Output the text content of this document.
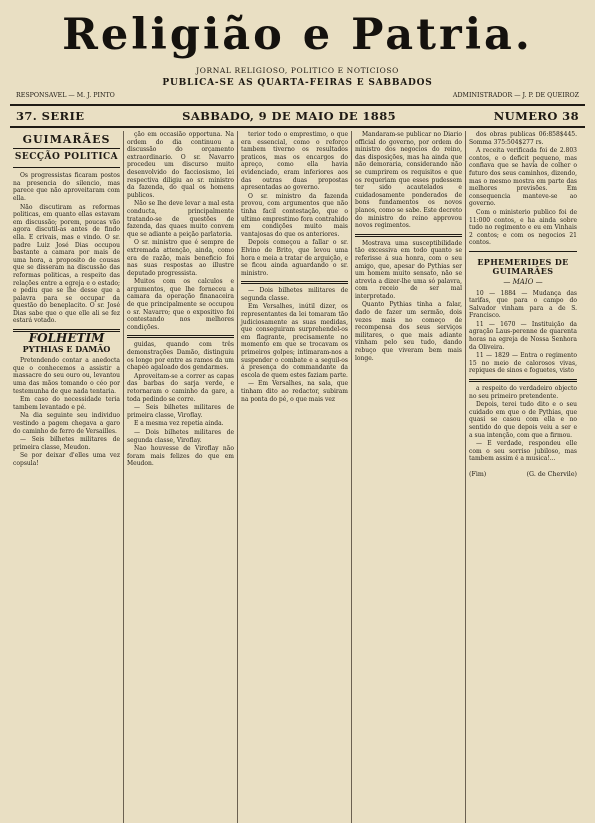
Religião e Patria.
JORNAL RELIGIOSO, POLITICO E NOTICIOSO
PUBLICA-SE AS QUARTA-FEIRAS E SABBADOS
RESPONSAVEL — M. J. PINTO	ADMINISTRADOR — J. P. DE QUEIROZ
37. SERIE	SABBADO, 9 DE MAIO DE 1885	NUMERO 38
GUIMARÃES
SECÇÃO POLITICA

Os progressistas ficaram postos na presencia do silencio, mas parece que não aproveitaram com ella.

Não discutiram as reformas politicas, em quanto ellas estavam em discussão; porem, poucas vão agora discutil-as antes de findo ella. E crivais, mas e vindo. O sr. padre Luiz José Dias occupou bastante a camara por mais de uma hora, a proposito de cousas que se disseram na discussão das reformas politicas, a respeito das relações entre a egreja e o estado; e pediu que se lhe desse que a palavra para se occupar da questão do beneplacito. O sr. José Dias sabe que o que elle ali se fez estará votado.

FOLHETIM
PYTHIAS E DAMÃO

Pretendendo contar a anedocta que o conhecemos a assistir a massacre do seu ouro ou, levantou uma das mãos tomando o céo por testemunha de que nada tentaria.

Em caso do necessidade teria tambem levantado e pé.

Na dia seguinte seu individuo vestindo a pagem chegava a garo do caminho de ferro de Versailles.

— Seis bilhetes militares de primeira classe, Meudon.

Se por deixar d'elles uma vez copsula!

ção em occasião opportuna. Na ordem do dia continuou a discussão do orçamento extraordinario. O sr. Navarro procedeu um discurso muito desenvolvido do facciosismo, lei respectiva diligiu ao sr. ministro da fazenda, do qual os homens publicos.

Não se lhe deve levar a mal esta conducta, principalmente tratando-se de questões de fazenda, das quaes muito convem que se adiante a peição parlatoria.

O sr. ministro que é sempre de extremada attenção, ainda, como era de razão, mais beneficio foi nas suas respostas ao illustre deputado progressista.

Muitos com os calculos e argumentos, que lhe forneceu a camara da operação finanaceira de que principalmente se occupou o sr. Navarro; que o expositivo foi contestando nos melhores condições.

guidas, quando com três demonstrações Damão, distinguiu os longe por entre as ramos da um chapéo agaloado dos gendarmes.

Aproveitam-se a correr as capas das barbas do sarja verde, e retornaram o caminho da gare, a toda pedindo se corre.

— Seis bilhetes militares de primeira classe, Viroflay.

E a mesma vez repetia ainda.

— Dois bilhetes militares de segunda classe, Viroflay.

Nao houvesse de Viroflay não foram mais felizes do que em Meudon.

terior todo o emprestimo, o que era essencial, como o reforço tambem tiverno os resultados praticos, mas os encargos do apreço, como ella havia evidenciado, eram inferiores aos das outras duas propostas apresentadas ao governo.

O sr. ministro da fazenda provou, com argumentos que não tinha facil contestação, que o ultimo emprestimo fora contrahido em condições muito mais vantajosas do que os anteriores.

Depois começou a fallar o sr. Elvino de Brito, que levou uma hora e meia a tratar de arguição, e se ficou ainda aguardando o sr. ministro.

— Dois bilhetes militares de segunda classe.

Em Versalhes, inútil dizer, os representantes da lei tomaram tão judiciosamente as suas medidas, que conseguiram surprehendel-os em flagrante, precisamente no momento em que se trocavam os primeiros golpes; intimaram-nos a suspender o combate e a seguil-os á presença do commandante da escola de quem estes faziam parte.

— Em Versalhes, na sala, que tinham dito ao redactor, subiram na ponta do pé, o que mais vez

Mandaram-se publicar no Diario official do governo, por ordem do ministro dos negocios do reino, das disposições, mas ha ainda que não demoraria, considerando não se cumprirem os requisitos e que os requeriam que esses pudessem ter sido acautelados e cuidadosamente ponderados de bons fundamentos os novos planos, como se sabe. Este decreto do ministro do reino approvou novos regimentos.

Mostrava uma susceptibilidade tão excessiva em todo quanto se referisse á sua honra, com o seu amigo, que, apesar do Pythias ser um homem muito sensato, não se atrevia a dizer-lhe uma só palavra, com receio de ser mal interpretado.

Quanto Pythias tinha a falar, dado de fazer um sermão, dois vezes mais no começo de recompensa dos seus serviços militares, o que mais adiante vinham pelo seu tudo, dando rebuço que viveram bem mais longe.

dos obras publicas 06:858$445. Somma 375:504$277 rs.

A receita verificada foi de 2.803 contos, e o deficit pequeno, mas confiava que se havia de colher o futuro dos seus caminhos, dizendo, mas o mesmo mostra em parte das melhores previsões. Em consequencia manteve-se ao governo.

Com o ministerio publico foi de 11:000 contos, e ha ainda sobre tudo no regimento e eu em Vinhais 2 contos; e com os negocios 21 contos.

EPHEMERIDES DE GUIMARÃES
— MAIO —

10 — 1884 — Mudança das tarifas, que para o campo do Salvador vinham para a de S. Francisco.

11 — 1670 — Instituição da agração Laus-perenne de quarenta horas na egreja de Nossa Senhora da Oliveira.

11 — 1829 — Entra o regimento 15 no meio de calorosos vivas, repiques de sinos e foguetes, visto

a respeito do verdadeiro objecto no seu primeiro pretendente.

Depois, terei tudo dito e o seu cuidado em que o de Pythias, que quasi se casou com ella e no sentido do que depois veiu a ser e a sua intenção, com que a firmou.

— E verdade, respondeu elle com o seu sorriso jubiloso, mas tambem assim é a musica!...

(Fim)	(G. de Chervile)
